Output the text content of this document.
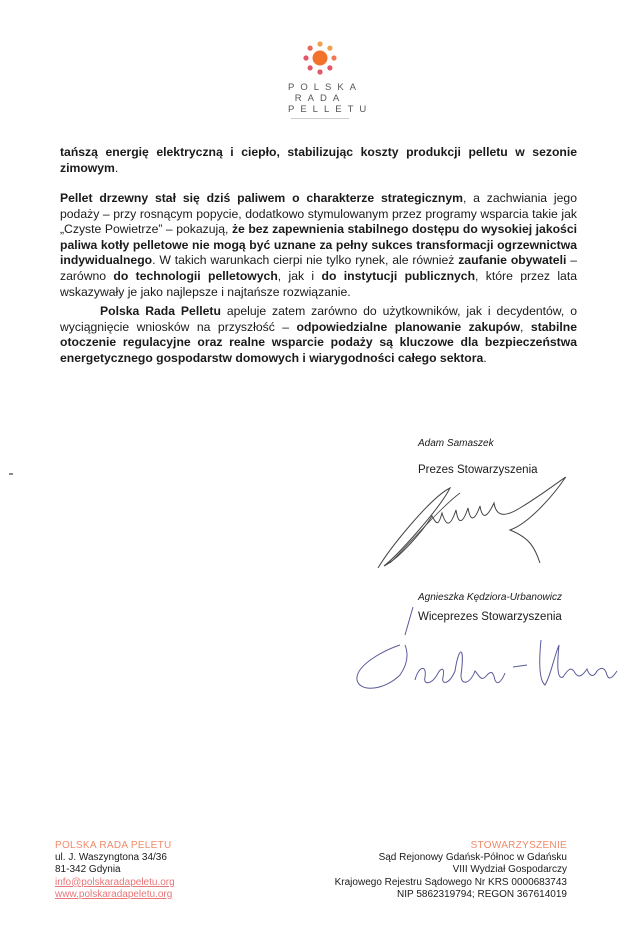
POLSKA
RADA
PELLETU

tańszą energię elektryczną i ciepło, stabilizując koszty produkcji pelletu w sezonie zimowym.

Pellet drzewny stał się dziś paliwem o charakterze strategicznym, a zachwiania jego podaży – przy rosnącym popycie, dodatkowo stymulowanym przez programy wsparcia takie jak „Czyste Powietrze” – pokazują, że bez zapewnienia stabilnego dostępu do wysokiej jakości paliwa kotły pelletowe nie mogą być uznane za pełny sukces transformacji ogrzewnictwa indywidualnego. W takich warunkach cierpi nie tylko rynek, ale również zaufanie obywateli – zarówno do technologii pelletowych, jak i do instytucji publicznych, które przez lata wskazywały je jako najlepsze i najtańsze rozwiązanie.

Polska Rada Pelletu apeluje zatem zarówno do użytkowników, jak i decydentów, o wyciągnięcie wniosków na przyszłość – odpowiedzialne planowanie zakupów, stabilne otoczenie regulacyjne oraz realne wsparcie podaży są kluczowe dla bezpieczeństwa energetycznego gospodarstw domowych i wiarygodności całego sektora.

Adam Samaszek
Prezes Stowarzyszenia
Agnieszka Kędziora-Urbanowicz
Wiceprezes Stowarzyszenia
POLSKA RADA PELETU
ul. J. Waszyngtona 34/36
81-342 Gdynia
info@polskaradapeletu.org
www.polskaradapeletu.org
STOWARZYSZENIE
Sąd Rejonowy Gdańsk-Północ w Gdańsku
VIII Wydział Gospodarczy
Krajowego Rejestru Sądowego Nr KRS 0000683743
NIP 5862319794; REGON 367614019
